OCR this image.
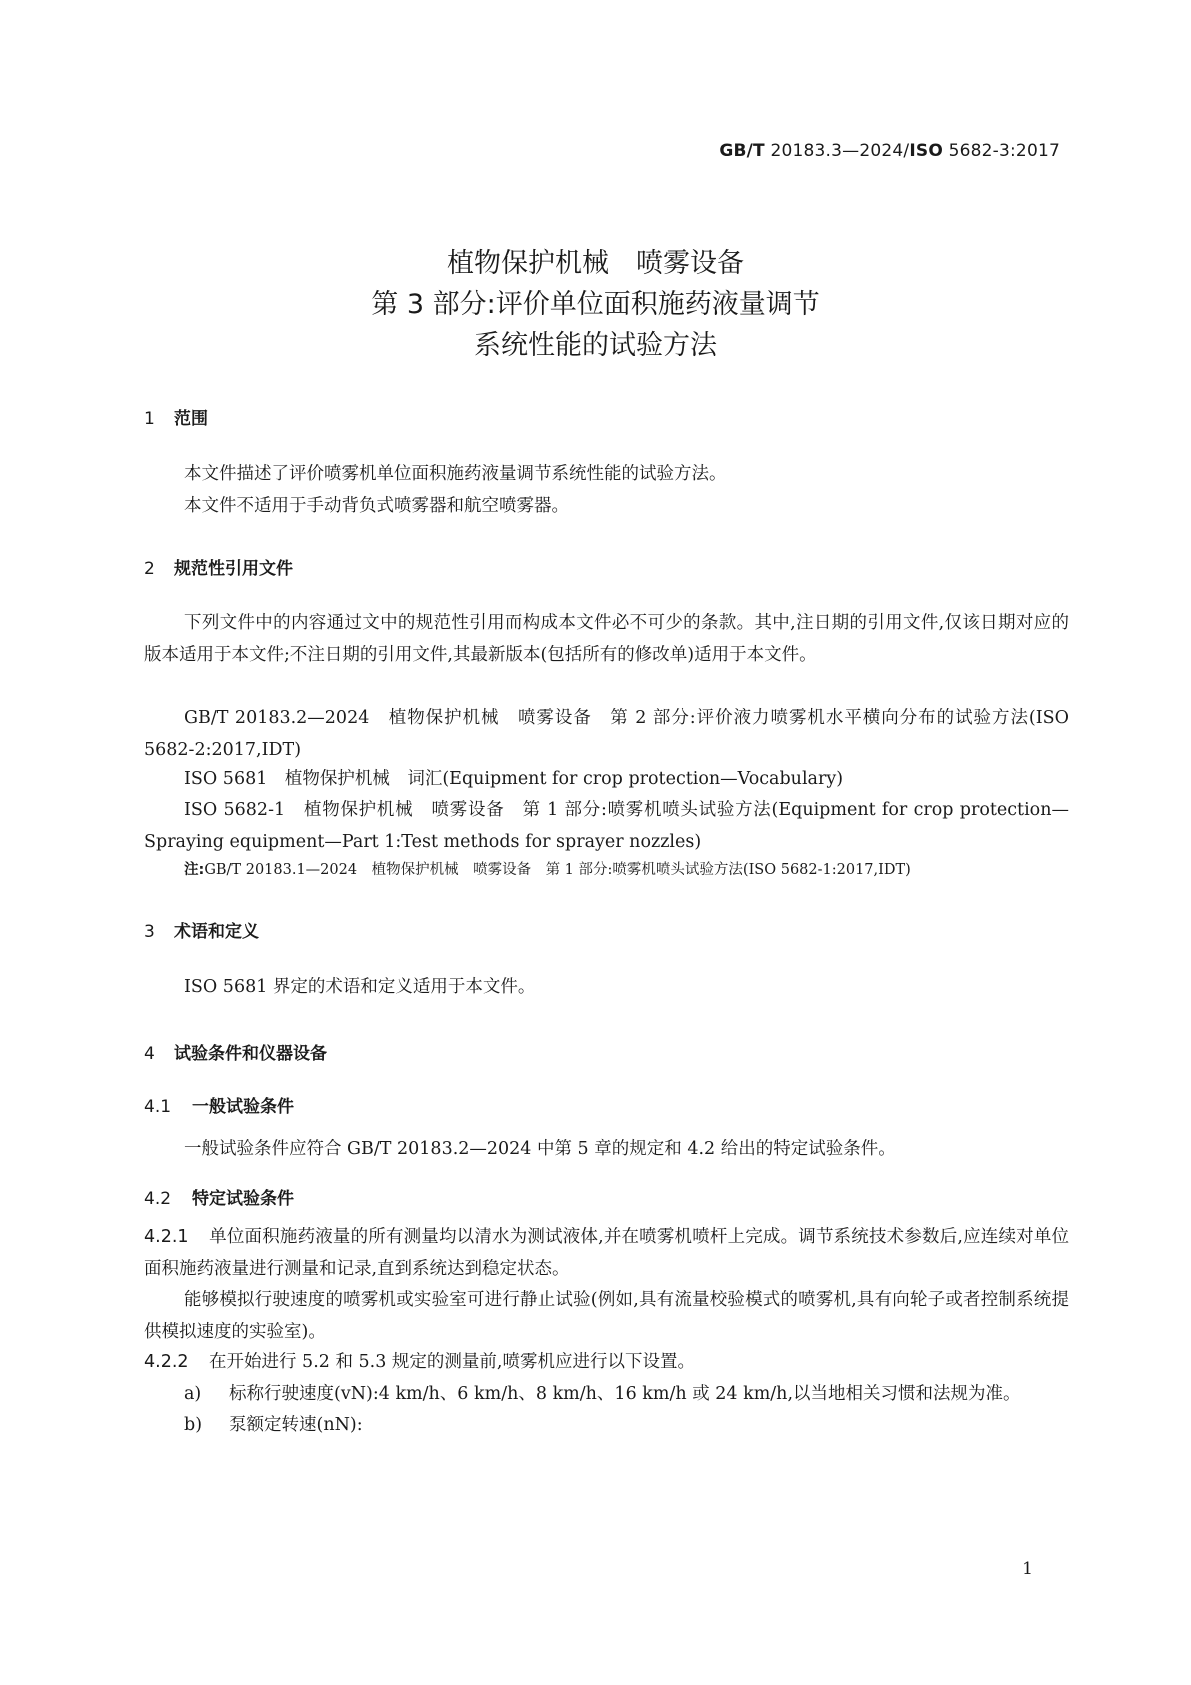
GB/T 20183.3—2024/ISO 5682-3:2017
植物保护机械　喷雾设备
第 3 部分:评价单位面积施药液量调节
系统性能的试验方法
1 范围
本文件描述了评价喷雾机单位面积施药液量调节系统性能的试验方法。
本文件不适用于手动背负式喷雾器和航空喷雾器。
2 规范性引用文件
下列文件中的内容通过文中的规范性引用而构成本文件必不可少的条款。其中,注日期的引用文件,仅该日期对应的版本适用于本文件;不注日期的引用文件,其最新版本(包括所有的修改单)适用于本文件。
GB/T 20183.2—2024　植物保护机械　喷雾设备　第 2 部分:评价液力喷雾机水平横向分布的试验方法(ISO 5682-2:2017,IDT)
ISO 5681　植物保护机械　词汇(Equipment for crop protection—Vocabulary)
ISO 5682-1　植物保护机械　喷雾设备　第 1 部分:喷雾机喷头试验方法(Equipment for crop protection—Spraying equipment—Part 1:Test methods for sprayer nozzles)
注:GB/T 20183.1—2024　植物保护机械　喷雾设备　第 1 部分:喷雾机喷头试验方法(ISO 5682-1:2017,IDT)
3 术语和定义
ISO 5681 界定的术语和定义适用于本文件。
4 试验条件和仪器设备
4.1 一般试验条件
一般试验条件应符合 GB/T 20183.2—2024 中第 5 章的规定和 4.2 给出的特定试验条件。
4.2 特定试验条件
4.2.1 单位面积施药液量的所有测量均以清水为测试液体,并在喷雾机喷杆上完成。调节系统技术参数后,应连续对单位面积施药液量进行测量和记录,直到系统达到稳定状态。
能够模拟行驶速度的喷雾机或实验室可进行静止试验(例如,具有流量校验模式的喷雾机,具有向轮子或者控制系统提供模拟速度的实验室)。
4.2.2 在开始进行 5.2 和 5.3 规定的测量前,喷雾机应进行以下设置。
a) 标称行驶速度(vN):4 km/h、6 km/h、8 km/h、16 km/h 或 24 km/h,以当地相关习惯和法规为准。
b) 泵额定转速(nN):
1
